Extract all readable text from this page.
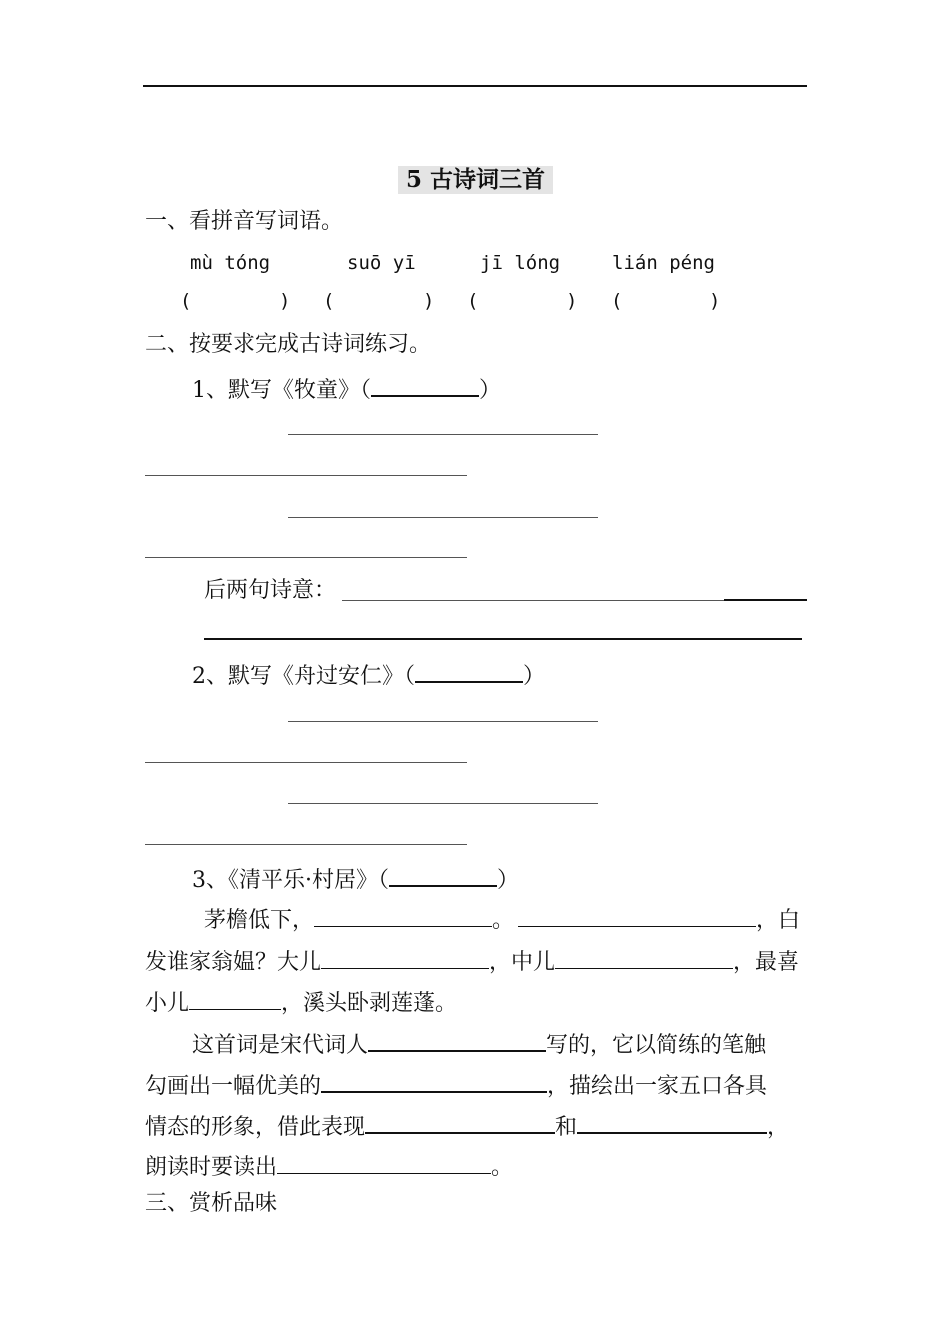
5 古诗词三首
一、看拼音写词语。
mù tóng	suō yī	jī lóng	lián péng
(	) (	) (	) (	)
二、按要求完成古诗词练习。
1、默写《牧童》（	）
后两句诗意：
2、默写《舟过安仁》（	）
3、《清平乐·村居》（	）
茅檐低下，	。	，白
发谁家翁媪？大儿	，中儿	，最喜
小儿	，溪头卧剥莲蓬。
这首词是宋代词人	写的，它以简练的笔触
勾画出一幅优美的	，描绘出一家五口各具
情态的形象，借此表现	和	，
朗读时要读出	。
三、赏析品味
